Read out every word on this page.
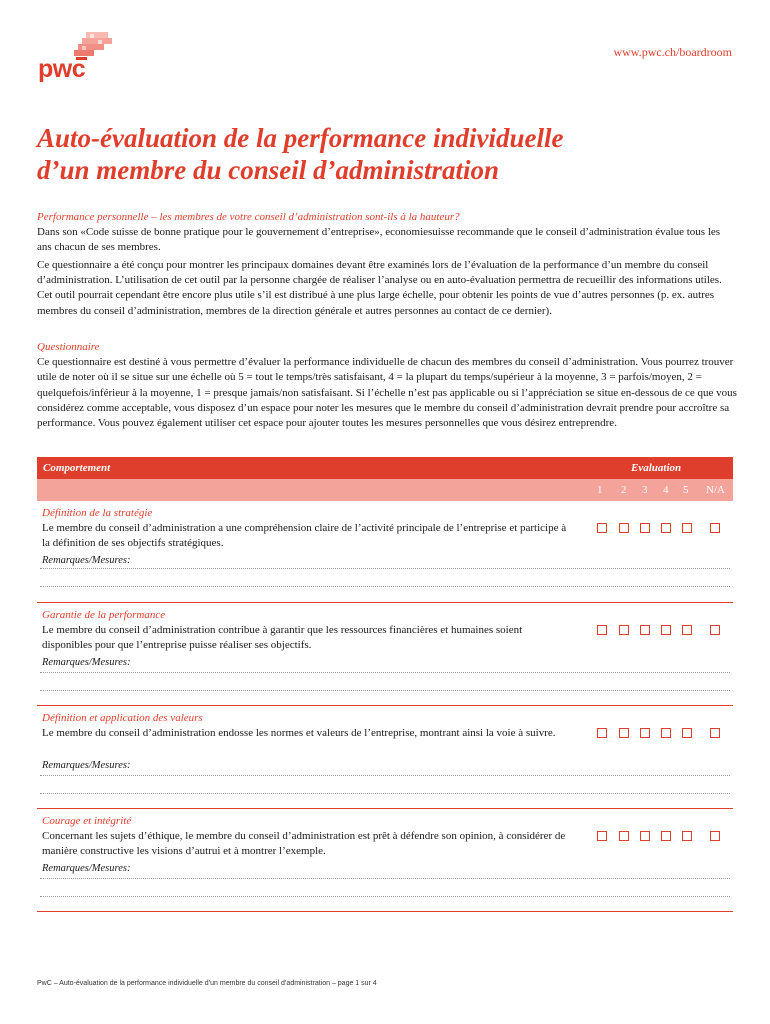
pwc
www.pwc.ch/boardroom
Auto-évaluation de la performance individuelle
d’un membre du conseil d’administration
Performance personnelle – les membres de votre conseil d’administration sont-ils à la hauteur?
Dans son «Code suisse de bonne pratique pour le gouvernement d’entreprise», economiesuisse recommande que le conseil d’administration évalue tous les ans chacun de ses membres.
Ce questionnaire a été conçu pour montrer les principaux domaines devant être examinés lors de l’évaluation de la performance d’un membre du conseil d’administration. L’utilisation de cet outil par la personne chargée de réaliser l’analyse ou en auto-évaluation permettra de recueillir des informations utiles. Cet outil pourrait cependant être encore plus utile s’il est distribué à une plus large échelle, pour obtenir les points de vue d’autres personnes (p. ex. autres membres du conseil d’administration, membres de la direction générale et autres personnes au contact de ce dernier).
Questionnaire
Ce questionnaire est destiné à vous permettre d’évaluer la performance individuelle de chacun des membres du conseil d’administration. Vous pourrez trouver utile de noter où il se situe sur une échelle où 5 = tout le temps/très satisfaisant, 4 = la plupart du temps/supérieur à la moyenne, 3 = parfois/moyen, 2 = quelquefois/inférieur à la moyenne, 1 = presque jamais/non satisfaisant. Si l’échelle n’est pas applicable ou si l’appréciation se situe en-dessous de ce que vous considérez comme acceptable, vous disposez d’un espace pour noter les mesures que le membre du conseil d’administration devrait prendre pour accroître sa performance. Vous pouvez également utiliser cet espace pour ajouter toutes les mesures personnelles que vous désirez entreprendre.
Comportement	Evaluation
1 2 3 4 5 N/A
Définition de la stratégie
Le membre du conseil d’administration a une compréhension claire de l’activité principale de l’entreprise et participe à la définition de ses objectifs stratégiques.
Remarques/Mesures:
Garantie de la performance
Le membre du conseil d’administration contribue à garantir que les ressources financières et humaines soient disponibles pour que l’entreprise puisse réaliser ses objectifs.
Remarques/Mesures:
Définition et application des valeurs
Le membre du conseil d’administration endosse les normes et valeurs de l’entreprise, montrant ainsi la voie à suivre.
Remarques/Mesures:
Courage et intégrité
Concernant les sujets d’éthique, le membre du conseil d’administration est prêt à défendre son opinion, à considérer de manière constructive les visions d’autrui et à montrer l’exemple.
Remarques/Mesures:
PwC – Auto-évaluation de la performance individuelle d’un membre du conseil d’administration – page 1 sur 4
